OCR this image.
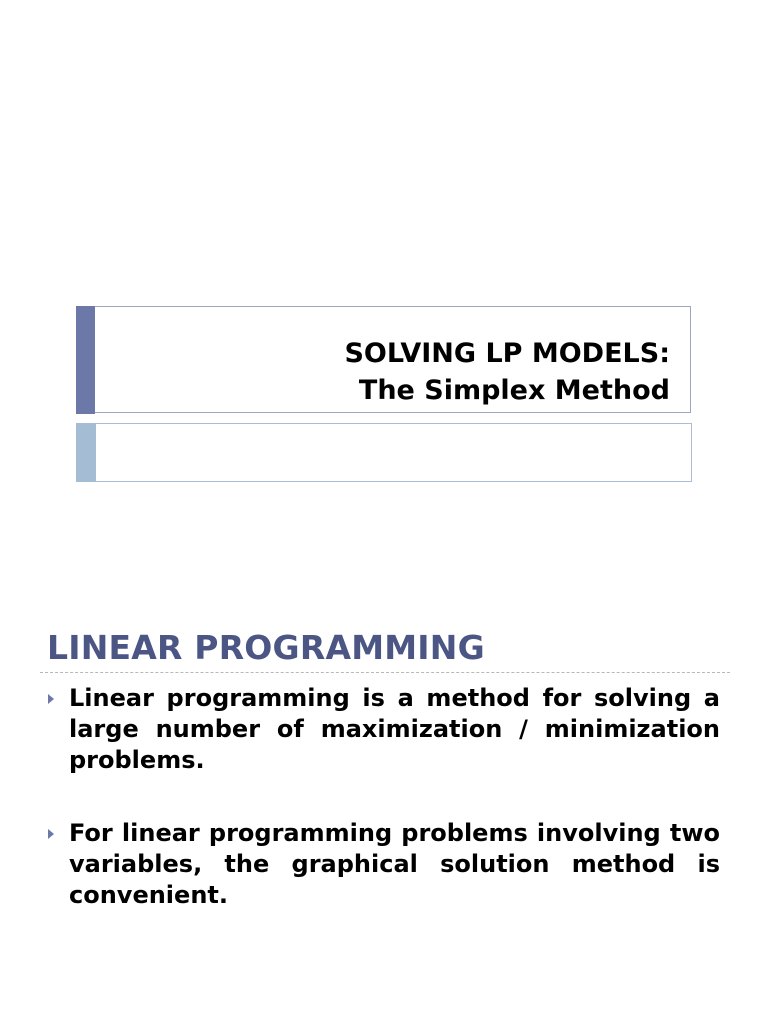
SOLVING LP MODELS:
The Simplex Method
LINEAR PROGRAMMING
Linear programming is a method for solving a large number of maximization / minimization problems.
For linear programming problems involving two variables, the graphical solution method is convenient.
